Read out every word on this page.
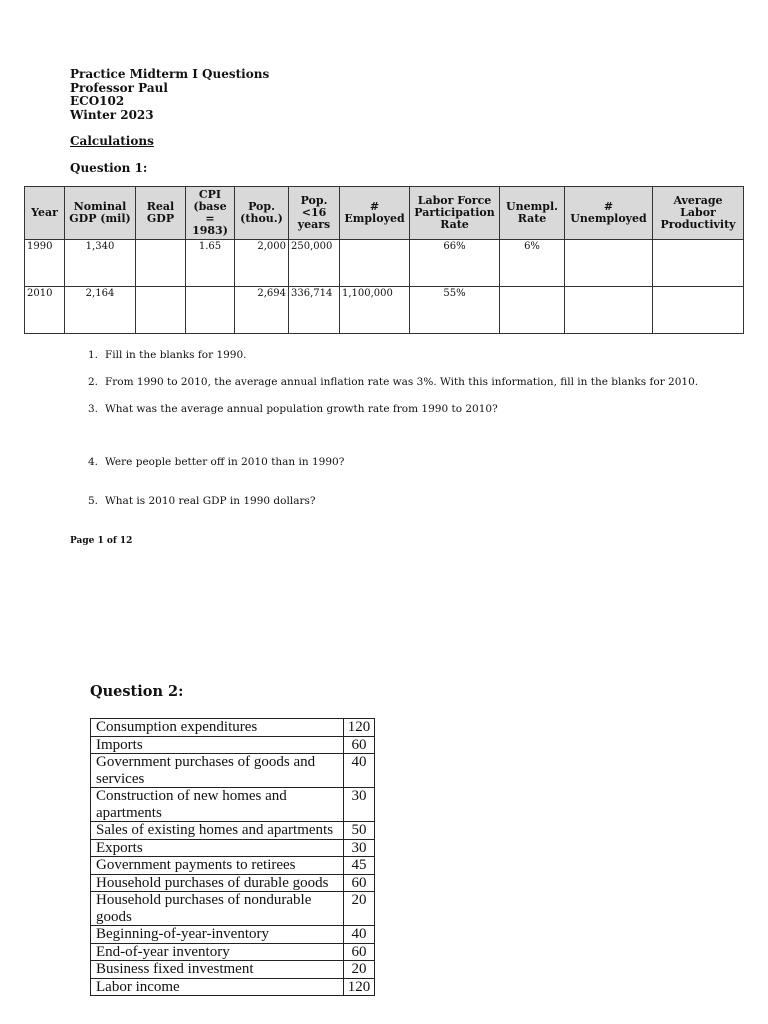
Practice Midterm I Questions
Professor Paul
ECO102
Winter 2023
Calculations
Question 1:
Year	Nominal GDP (mil)	Real GDP	CPI (base = 1983)	Pop. (thou.)	Pop. <16 years	# Employed	Labor Force Participation Rate	Unempl. Rate	# Unemployed	Average Labor Productivity
1990	1,340		1.65	2,000	250,000		66%	6%		
2010	2,164			2,694	336,714	1,100,000	55%			
1. Fill in the blanks for 1990.
2. From 1990 to 2010, the average annual inflation rate was 3%. With this information, fill in the blanks for 2010.
3. What was the average annual population growth rate from 1990 to 2010?
4. Were people better off in 2010 than in 1990?
5. What is 2010 real GDP in 1990 dollars?
Page 1 of 12
Question 2:
Consumption expenditures	120
Imports	60
Government purchases of goods and services	40
Construction of new homes and apartments	30
Sales of existing homes and apartments	50
Exports	30
Government payments to retirees	45
Household purchases of durable goods	60
Household purchases of nondurable goods	20
Beginning-of-year-inventory	40
End-of-year inventory	60
Business fixed investment	20
Labor income	120
